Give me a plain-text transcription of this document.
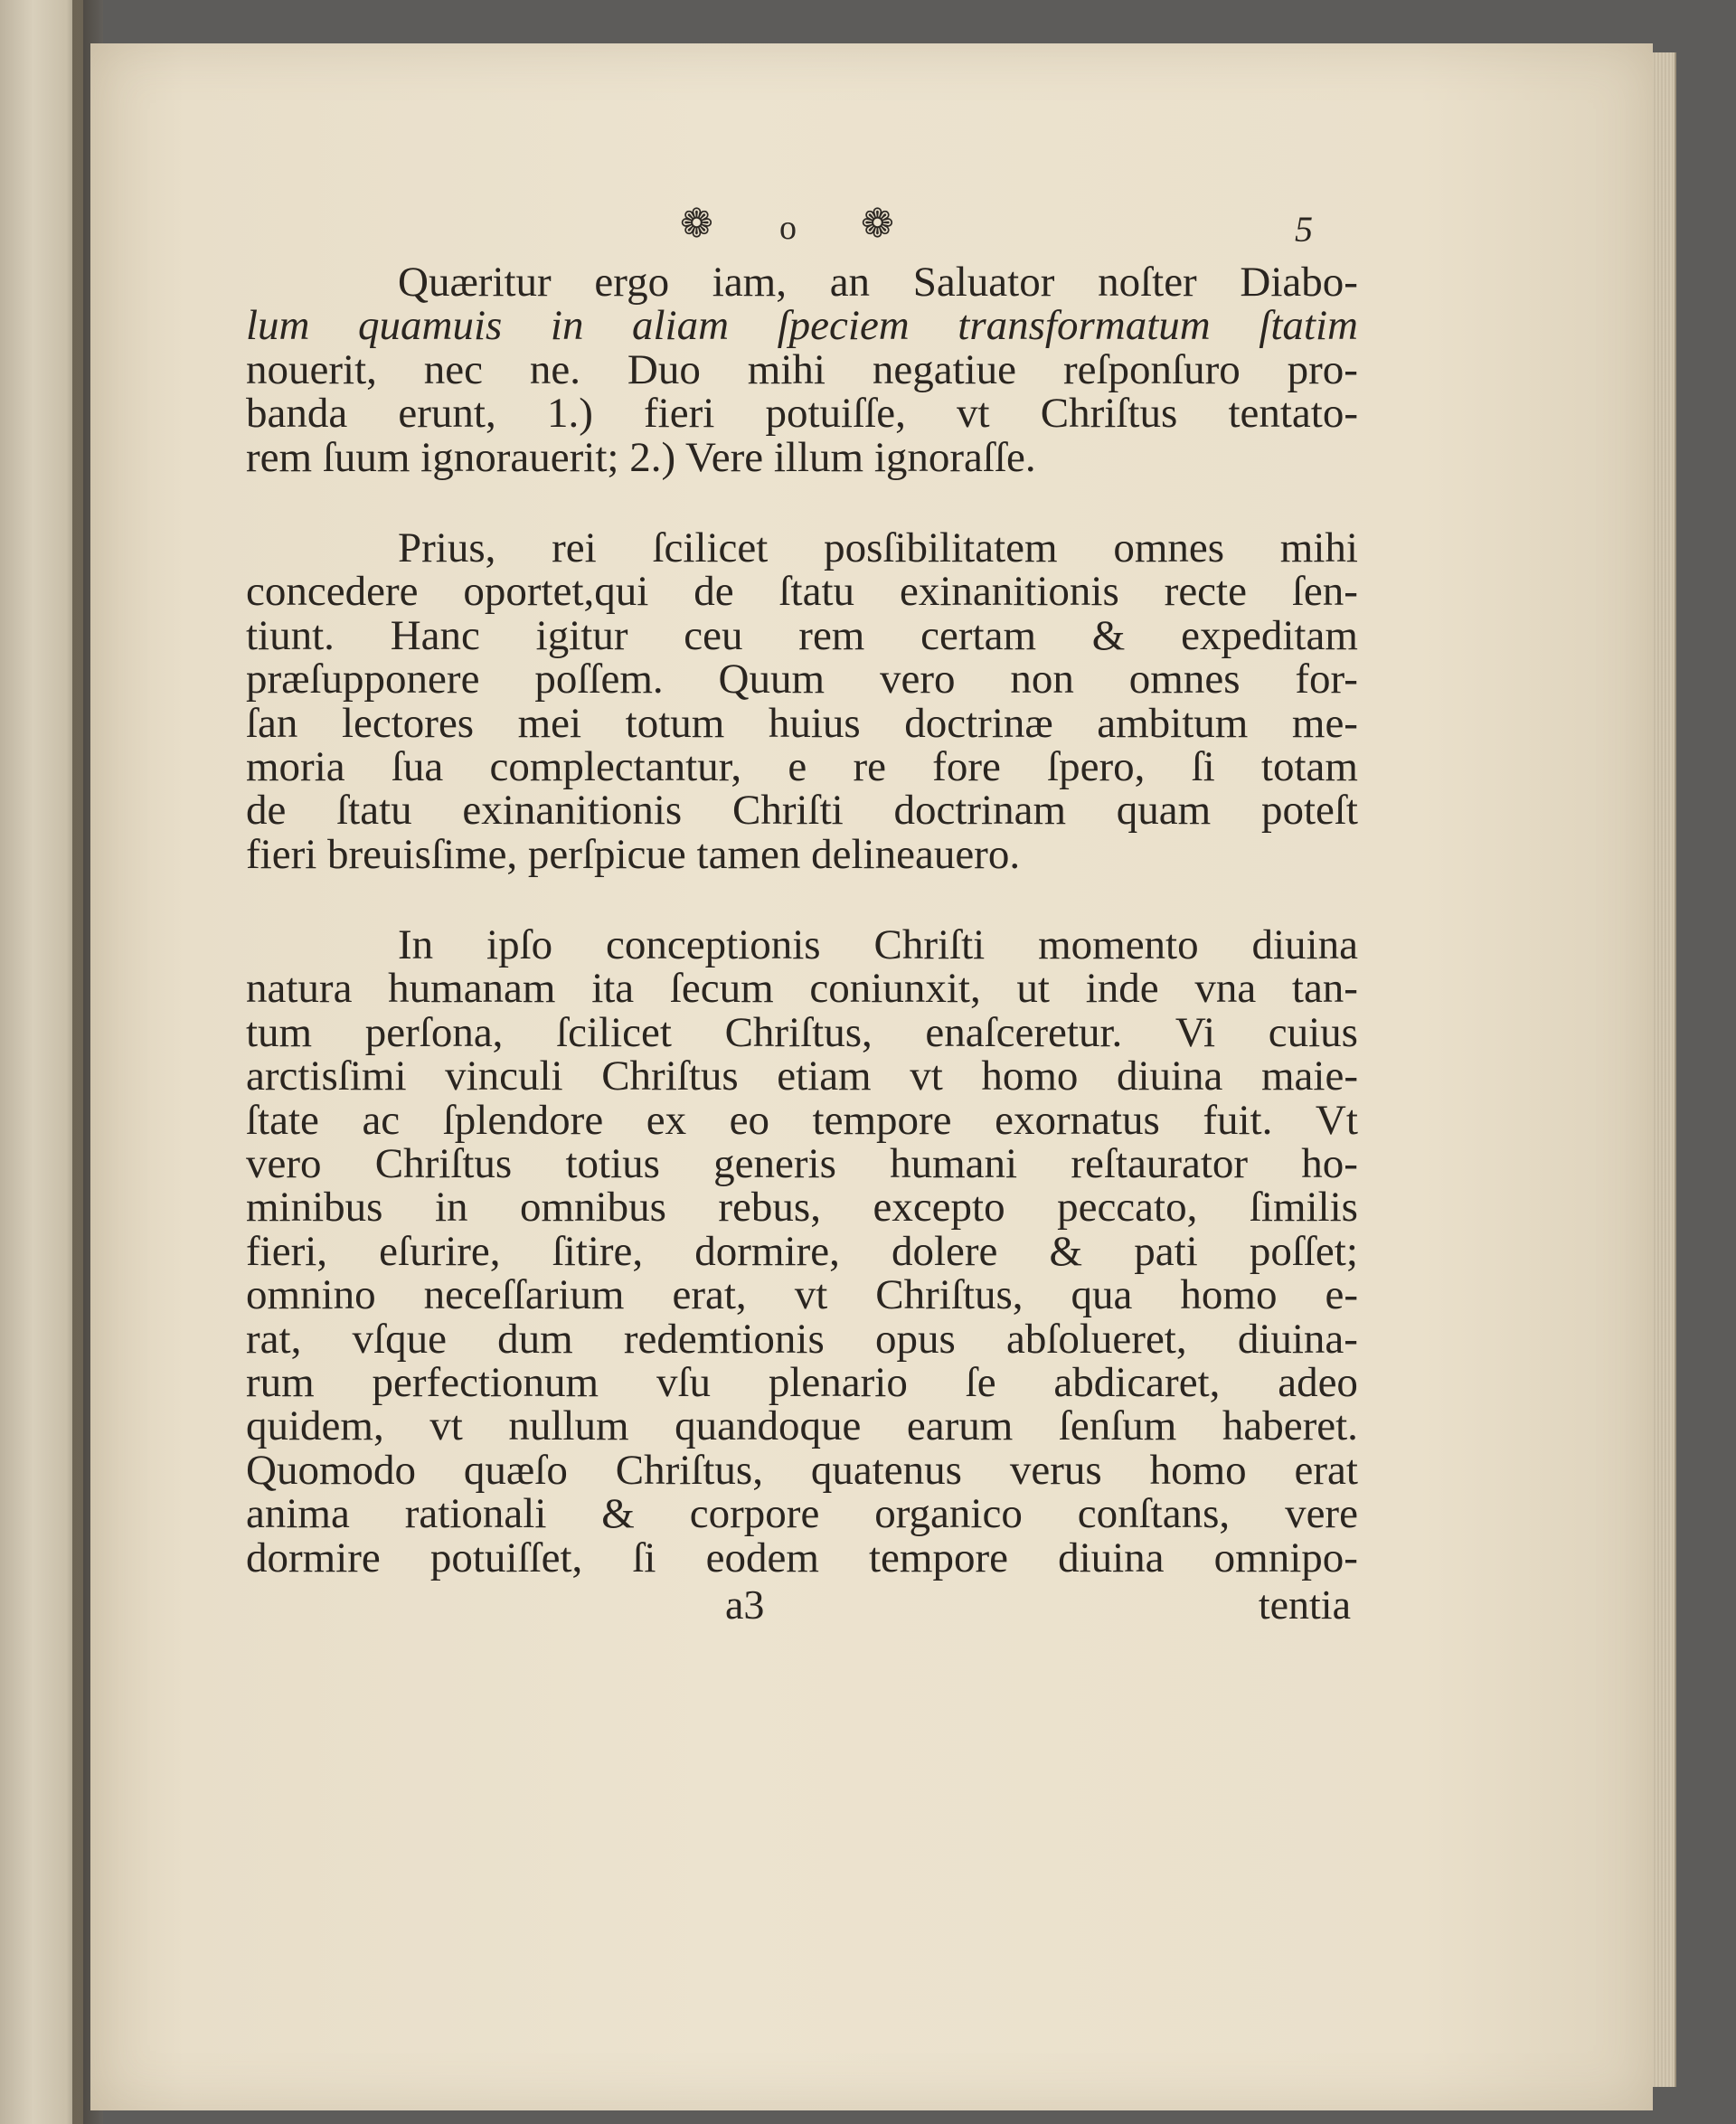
❁ o ❁	5
Quæritur ergo iam, an Saluator noſter Diabo-
lum quamuis in aliam ſpeciem transformatum ſtatim
nouerit, nec ne. Duo mihi negatiue reſponſuro pro-
banda erunt, 1.) fieri potuiſſe, vt Chriſtus tentato-
rem ſuum ignorauerit; 2.) Vere illum ignoraſſe.
Prius, rei ſcilicet posſibilitatem omnes mihi
concedere oportet,qui de ſtatu exinanitionis recte ſen-
tiunt. Hanc igitur ceu rem certam & expeditam
præſupponere poſſem. Quum vero non omnes for-
ſan lectores mei totum huius doctrinæ ambitum me-
moria ſua complectantur, e re fore ſpero, ſi totam
de ſtatu exinanitionis Chriſti doctrinam quam poteſt
fieri breuisſime, perſpicue tamen delineauero.
In ipſo conceptionis Chriſti momento diuina
natura humanam ita ſecum coniunxit, ut inde vna tan-
tum perſona, ſcilicet Chriſtus, enaſceretur. Vi cuius
arctisſimi vinculi Chriſtus etiam vt homo diuina maie-
ſtate ac ſplendore ex eo tempore exornatus fuit. Vt
vero Chriſtus totius generis humani reſtaurator ho-
minibus in omnibus rebus, excepto peccato, ſimilis
fieri, eſurire, ſitire, dormire, dolere & pati poſſet;
omnino neceſſarium erat, vt Chriſtus, qua homo e-
rat, vſque dum redemtionis opus abſolueret, diuina-
rum perfectionum vſu plenario ſe abdicaret, adeo
quidem, vt nullum quandoque earum ſenſum haberet.
Quomodo quæſo Chriſtus, quatenus verus homo erat
anima rationali & corpore organico conſtans, vere
dormire potuiſſet, ſi eodem tempore diuina omnipo-
a3	tentia
